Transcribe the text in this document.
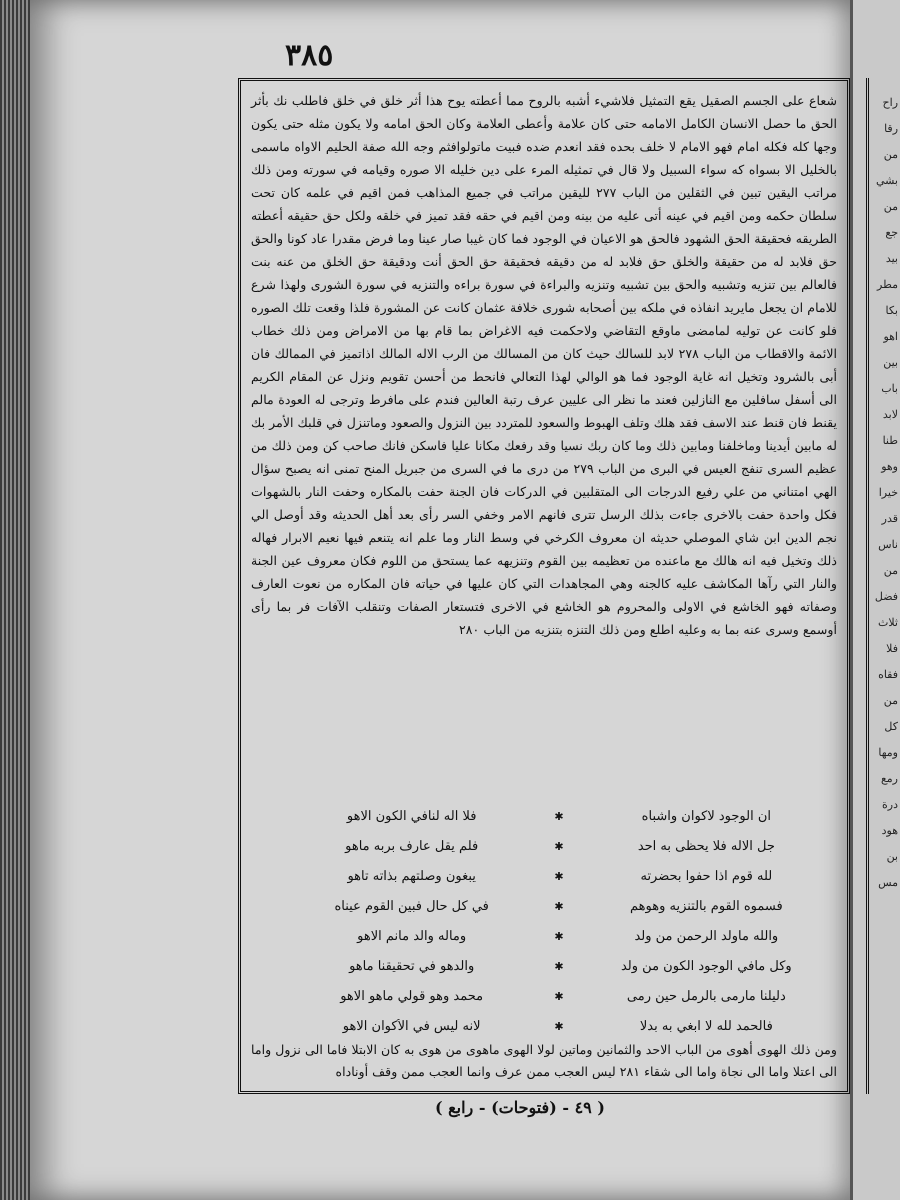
٣٨٥

شعاع على الجسم الصقيل يقع التمثيل فلاشيء أشبه بالروح مما أعطته يوح هذا أثر خلق في خلق فاطلب نك بأثر الحق ما حصل الانسان الكامل الامامه حتى كان علامة وأعطى العلامة وكان الحق امامه ولا يكون مثله حتى يكون وجها كله فكله امام فهو الامام لا خلف بحده فقد انعدم ضده فبيت ماتولوافثم وجه الله صفة الحليم الاواه ماسمى بالخليل الا بسواه كه سواء السبيل ولا قال في تمثيله المرء على دين خليله الا صوره وقيامه في سورته ومن ذلك مراتب اليقين تبين في الثقلين من الباب ٢٧٧ لليقين مراتب في جميع المذاهب فمن اقيم في علمه كان تحت سلطان حكمه ومن اقيم في عينه أتى عليه من بينه ومن اقيم في حقه فقد تميز في خلقه ولكل حق حقيقه أعطته الطريقه فحقيقة الحق الشهود فالحق هو الاعيان في الوجود فما كان غيبا صار عينا وما فرض مقدرا عاد كونا والحق حق فلابد له من حقيقة والخلق حق فلابد له من دقيقه فحقيقة حق الحق أنت ودقيقة حق الخلق من عنه بنت فالعالم بين تنزيه وتشبيه والحق بين تشبيه وتنزيه والبراءة في سورة براءه والتنزيه في سورة الشورى ولهذا شرع للامام ان يجعل مايريد انفاذه في ملكه بين أصحابه شورى خلافة عثمان كانت عن المشورة فلذا وقعت تلك الصوره فلو كانت عن توليه لمامضى ماوقع التقاضي ولاحكمت فيه الاغراض بما قام بها من الامراض ومن ذلك خطاب الائمة والاقطاب من الباب ٢٧٨ لابد للسالك حيث كان من المسالك من الرب الاله المالك اذاتميز في الممالك فان أبى بالشرود وتخيل انه غاية الوجود فما هو الوالي لهذا التعالي فانحط من أحسن تقويم ونزل عن المقام الكريم الى أسفل سافلين مع النازلين فعند ما نظر الى عليين عرف رتبة العالين فندم على مافرط وترجى له العودة مالم يقنط فان قنط عند الاسف فقد هلك وتلف الهبوط والسعود للمتردد بين النزول والصعود وماتنزل في قلبك الأمر بك له مابين أيدينا وماخلفنا ومابين ذلك وما كان ربك نسيا وقد رفعك مكانا عليا فاسكن فانك صاحب كن ومن ذلك من عظيم السرى تنفج العيس في البرى من الباب ٢٧٩ من درى ما في السرى من جبريل المنح تمنى انه يصبح سؤال الهي امتناني من علي رفيع الدرجات الى المتقلبين في الدركات فان الجنة حفت بالمكاره وحفت النار بالشهوات فكل واحدة حفت بالاخرى جاءت بذلك الرسل تترى فانهم الامر وخفي السر رأى بعد أهل الحديثه وقد أوصل الي نجم الدين ابن شاي الموصلي حديثه ان معروف الكرخي في وسط النار وما علم انه يتنعم فيها نعيم الابرار فهاله ذلك وتخيل فيه انه هالك مع ماعنده من تعظيمه بين القوم وتنزيهه عما يستحق من اللوم فكان معروف عين الجنة والنار التي رآها المكاشف عليه كالجنه وهي المجاهدات التي كان عليها في حياته فان المكاره من نعوت العارف وصفاته فهو الخاشع في الاولى والمحروم هو الخاشع في الاخرى فتستعار الصفات وتنقلب الآفات فر بما رأى أوسمع وسرى عنه بما به وعليه اطلع ومن ذلك التنزه بتنزيه من الباب ٢٨٠

ان الوجود لاكوان واشباه
✱
فلا اله لنافي الكون الاهو
جل الاله فلا يحظى به احد
✱
فلم يقل عارف بربه ماهو
لله قوم اذا حفوا بحضرته
✱
يبغون وصلتهم بذاته تاهو
فسموه القوم بالتنزيه وهوهم
✱
في كل حال فبين القوم عيناه
والله ماولد الرحمن من ولد
✱
وماله والد مانم الاهو
وكل مافي الوجود الكون من ولد
✱
والدهو في تحقيقنا ماهو
دليلنا مارمى بالرمل حين رمى
✱
محمد وهو قولي ماهو الاهو
فالحمد لله لا ابغي به بدلا
✱
لانه ليس في الأكوان الاهو
ومن ذلك الهوى أهوى من الباب الاحد والثمانين وماتين لولا الهوى ماهوى من هوى به كان الابتلا فاما الى نزول واما الى اعتلا واما الى نجاة واما الى شقاء ٢٨١ ليس العجب ممن عرف وانما العجب ممن وقف أوناداه
( ٤٩ - (فتوحات) - رابع )
راح
رقا
من
بشي
من
جع
بيد
مطر
بكا
اهو
بين
باب
لابد
طنا
وهو
خيرا
قدر
ناس
من
فضل
ثلاث
فلا
فقاه
من
كل
ومها
رمع
درة
هود
بن
مس
